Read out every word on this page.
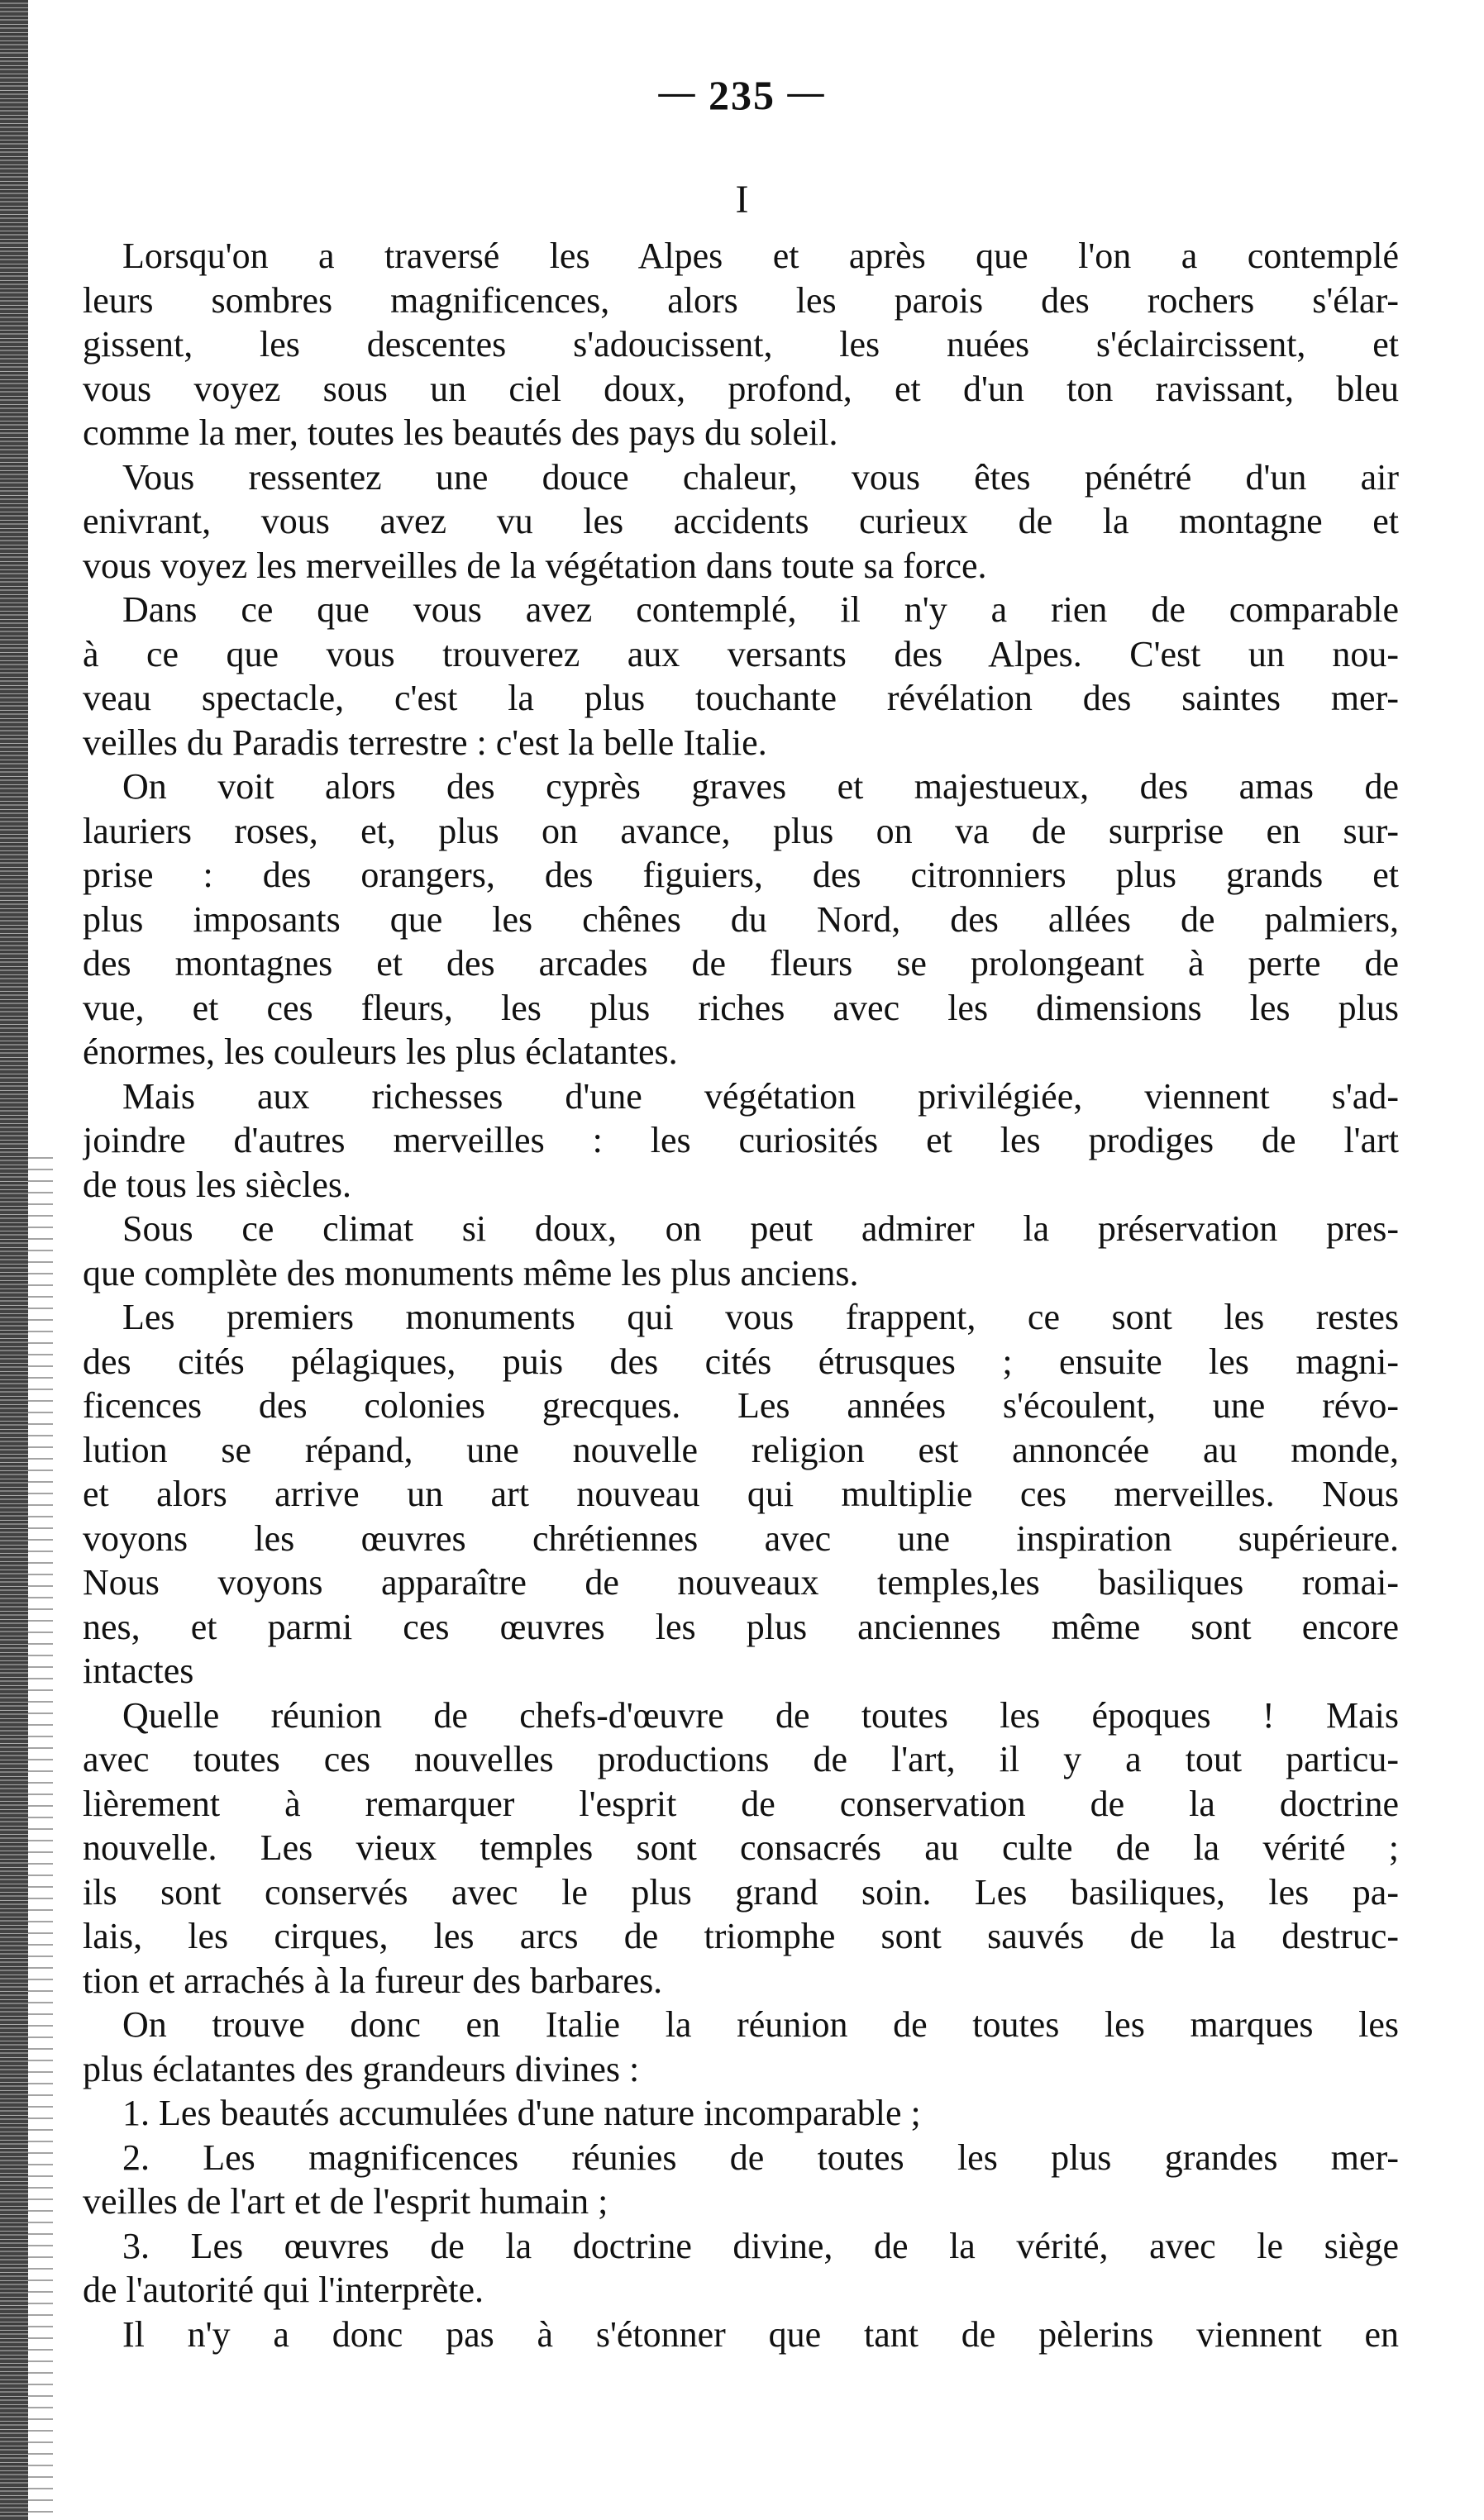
— 235 —
I
Lorsqu'on a traversé les Alpes et après que l'on a contemplé
leurs sombres magnificences, alors les parois des rochers s'élar-
gissent, les descentes s'adoucissent, les nuées s'éclaircissent, et
vous voyez sous un ciel doux, profond, et d'un ton ravissant, bleu
comme la mer, toutes les beautés des pays du soleil.
Vous ressentez une douce chaleur, vous êtes pénétré d'un air
enivrant, vous avez vu les accidents curieux de la montagne et
vous voyez les merveilles de la végétation dans toute sa force.
Dans ce que vous avez contemplé, il n'y a rien de comparable
à ce que vous trouverez aux versants des Alpes. C'est un nou-
veau spectacle, c'est la plus touchante révélation des saintes mer-
veilles du Paradis terrestre : c'est la belle Italie.
On voit alors des cyprès graves et majestueux, des amas de
lauriers roses, et, plus on avance, plus on va de surprise en sur-
prise : des orangers, des figuiers, des citronniers plus grands et
plus imposants que les chênes du Nord, des allées de palmiers,
des montagnes et des arcades de fleurs se prolongeant à perte de
vue, et ces fleurs, les plus riches avec les dimensions les plus
énormes, les couleurs les plus éclatantes.
Mais aux richesses d'une végétation privilégiée, viennent s'ad-
joindre d'autres merveilles : les curiosités et les prodiges de l'art
de tous les siècles.
Sous ce climat si doux, on peut admirer la préservation pres-
que complète des monuments même les plus anciens.
Les premiers monuments qui vous frappent, ce sont les restes
des cités pélagiques, puis des cités étrusques ; ensuite les magni-
ficences des colonies grecques. Les années s'écoulent, une révo-
lution se répand, une nouvelle religion est annoncée au monde,
et alors arrive un art nouveau qui multiplie ces merveilles. Nous
voyons les œuvres chrétiennes avec une inspiration supérieure.
Nous voyons apparaître de nouveaux temples,les basiliques romai-
nes, et parmi ces œuvres les plus anciennes même sont encore
intactes
Quelle réunion de chefs-d'œuvre de toutes les époques ! Mais
avec toutes ces nouvelles productions de l'art, il y a tout particu-
lièrement à remarquer l'esprit de conservation de la doctrine
nouvelle. Les vieux temples sont consacrés au culte de la vérité ;
ils sont conservés avec le plus grand soin. Les basiliques, les pa-
lais, les cirques, les arcs de triomphe sont sauvés de la destruc-
tion et arrachés à la fureur des barbares.
On trouve donc en Italie la réunion de toutes les marques les
plus éclatantes des grandeurs divines :
1. Les beautés accumulées d'une nature incomparable ;
2. Les magnificences réunies de toutes les plus grandes mer-
veilles de l'art et de l'esprit humain ;
3. Les œuvres de la doctrine divine, de la vérité, avec le siège
de l'autorité qui l'interprète.
Il n'y a donc pas à s'étonner que tant de pèlerins viennent en
